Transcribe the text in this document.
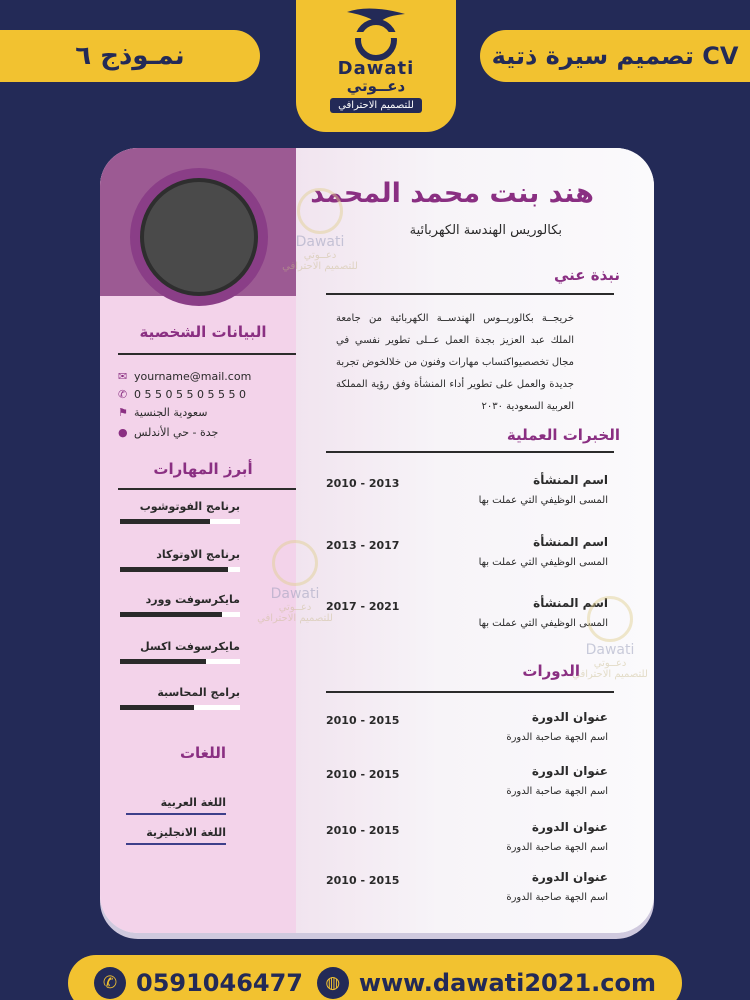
نمـوذج ٦	تصميم سيرة ذتية CV
Dawati
دعــوتي
للتصميم الاحترافي
البيانات الشخصية
✉ yourname@mail.com
✆ 0 5 5 0 5 5 0 5 5 5 0
⚑ سعودية الجنسية
● جدة - حي الأندلس
أبرز المهارات
برنامج الفوتوشوب
برنامج الاوتوكاد
مايكرسوفت وورد
مايكرسوفت اكسل
برامج المحاسبة
اللغات
اللغة العربية
اللغة الانجليزية
هند بنت محمد المحمد
بكالوريس الهندسة الكهربائية
نبذة عني
خريجــة بكالوريــوس الهندســة الكهربائية من جامعة الملك عبد العزيز بجدة العمل عــلى تطوير نفسي في مجال تخصصيواكتساب مهارات وفنون من خلالخوض تجربة جديدة والعمل على تطوير أداء المنشأة وفق رؤية المملكة العربية السعودية ٢٠٣٠
الخبرات العملية
اسم المنشأة
المسى الوظيفي التي عملت بها
2010 - 2013
اسم المنشأة
المسى الوظيفي التي عملت بها
2013 - 2017
اسم المنشأة
المسى الوظيفي التي عملت بها
2017 - 2021
الدورات
عنوان الدورة
اسم الجهة صاحبة الدورة
2010 - 2015
عنوان الدورة
اسم الجهة صاحبة الدورة
2010 - 2015
عنوان الدورة
اسم الجهة صاحبة الدورة
2010 - 2015
عنوان الدورة
اسم الجهة صاحبة الدورة
2010 - 2015
Dawati
دعــوتي
للتصميم الاحترافي
Dawati
دعــوتي
للتصميم الاحترافي
Dawati
دعــوتي
للتصميم الاحترافي
✆ 0591046477	◍ www.dawati2021.com
